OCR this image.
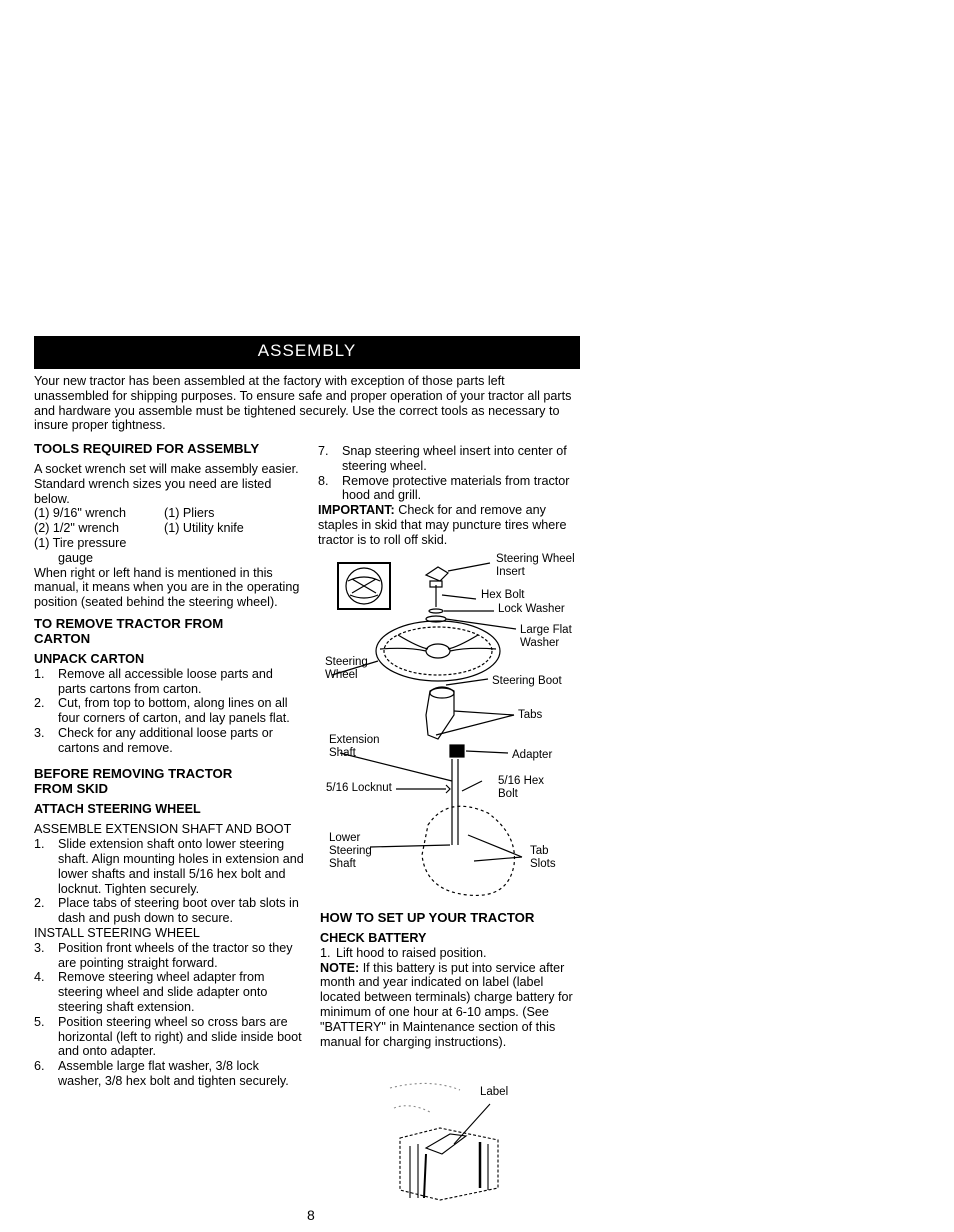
ASSEMBLY
Your new tractor has been assembled at the factory with exception of those parts left unassembled for shipping purposes. To ensure safe and proper operation of your tractor all parts and hardware you assemble must be tightened securely. Use the correct tools as necessary to insure proper tightness.
TOOLS REQUIRED FOR ASSEMBLY

A socket wrench set will make assembly easier. Standard wrench sizes you need are listed below.

(1) 9/16" wrench	(1) Pliers
(2) 1/2" wrench	(1) Utility knife
(1) Tire pressure

gauge

When right or left hand is mentioned in this manual, it means when you are in the operating position (seated behind the steering wheel).

TO REMOVE TRACTOR FROM CARTON
UNPACK CARTON
1. Remove all accessible loose parts and parts cartons from carton.
2. Cut, from top to bottom, along lines on all four corners of carton, and lay panels flat.
3. Check for any additional loose parts or cartons and remove.
BEFORE REMOVING TRACTOR FROM SKID
ATTACH STEERING WHEEL

ASSEMBLE EXTENSION SHAFT AND BOOT

1. Slide extension shaft onto lower steering shaft. Align mounting holes in extension and lower shafts and install 5/16 hex bolt and locknut. Tighten securely.
2. Place tabs of steering boot over tab slots in dash and push down to secure.

INSTALL STEERING WHEEL

3. Position front wheels of the tractor so they are pointing straight forward.
4. Remove steering wheel adapter from steering wheel and slide adapter onto steering shaft extension.
5. Position steering wheel so cross bars are horizontal (left to right) and slide inside boot and onto adapter.
6. Assemble large flat washer, 3/8 lock washer, 3/8 hex bolt and tighten securely.
7. Snap steering wheel insert into center of steering wheel.
8. Remove protective materials from tractor hood and grill.

IMPORTANT: Check for and remove any staples in skid that may puncture tires where tractor is to roll off skid.

Steering Wheel Insert
Hex Bolt
Lock Washer
Large Flat Washer
Steering Wheel	Steering Boot
Tabs
Extension Shaft	Adapter
5/16 Locknut
5/16 Hex Bolt
Lower Steering Shaft
Tab Slots
HOW TO SET UP YOUR TRACTOR
CHECK BATTERY
1. Lift hood to raised position.

NOTE: If this battery is put into service after month and year indicated on label (label located between terminals) charge battery for minimum of one hour at 6-10 amps. (See "BATTERY" in Maintenance section of this manual for charging instructions).

Label
8
